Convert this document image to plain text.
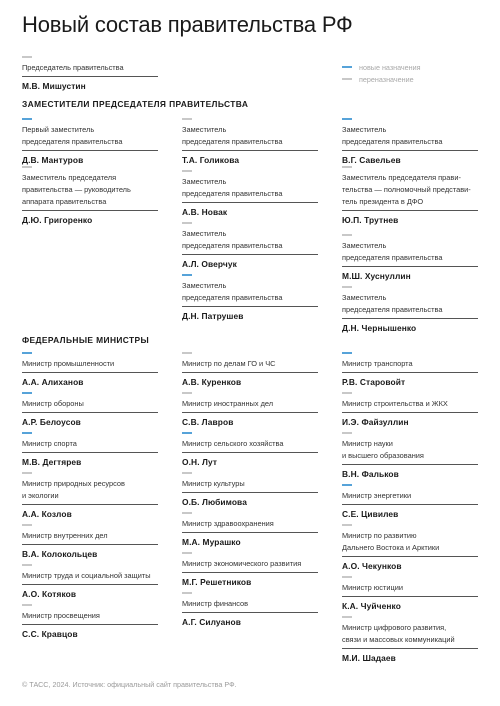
Новый состав правительства РФ
Председатель правительства
М.В. Мишустин
новые назначения
переназначение
ЗАМЕСТИТЕЛИ ПРЕДСЕДАТЕЛЯ ПРАВИТЕЛЬСТВА
Первый заместитель
председателя правительства
Д.В. Мантуров
Заместитель председателя
правительства — руководитель
аппарата правительства
Д.Ю. Григоренко
Заместитель
председателя правительства
Т.А. Голикова
Заместитель
председателя правительства
А.В. Новак
Заместитель
председателя правительства
А.Л. Оверчук
Заместитель
председателя правительства
Д.Н. Патрушев
Заместитель
председателя правительства
В.Г. Савельев
Заместитель председателя прави-
тельства — полномочный представи-
тель президента в ДФО
Ю.П. Трутнев
Заместитель
председателя правительства
М.Ш. Хуснуллин
Заместитель
председателя правительства
Д.Н. Чернышенко
ФЕДЕРАЛЬНЫЕ МИНИСТРЫ
Министр промышленности
А.А. Алиханов
Министр обороны
А.Р. Белоусов
Министр спорта
М.В. Дегтярев
Министр природных ресурсов
и экологии
А.А. Козлов
Министр внутренних дел
В.А. Колокольцев
Министр труда и социальной защиты
А.О. Котяков
Министр просвещения
С.С. Кравцов
Министр по делам ГО и ЧС
А.В. Куренков
Министр иностранных дел
С.В. Лавров
Министр сельского хозяйства
О.Н. Лут
Министр культуры
О.Б. Любимова
Министр здравоохранения
М.А. Мурашко
Министр экономического развития
М.Г. Решетников
Министр финансов
А.Г. Силуанов
Министр транспорта
Р.В. Старовойт
Министр строительства и ЖКХ
И.Э. Файзуллин
Министр науки
и высшего образования
В.Н. Фальков
Министр энергетики
С.Е. Цивилев
Министр по развитию
Дальнего Востока и Арктики
А.О. Чекунков
Министр юстиции
К.А. Чуйченко
Министр цифрового развития,
связи и массовых коммуникаций
М.И. Шадаев
© ТАСС, 2024. Источник: официальный сайт правительства РФ.
